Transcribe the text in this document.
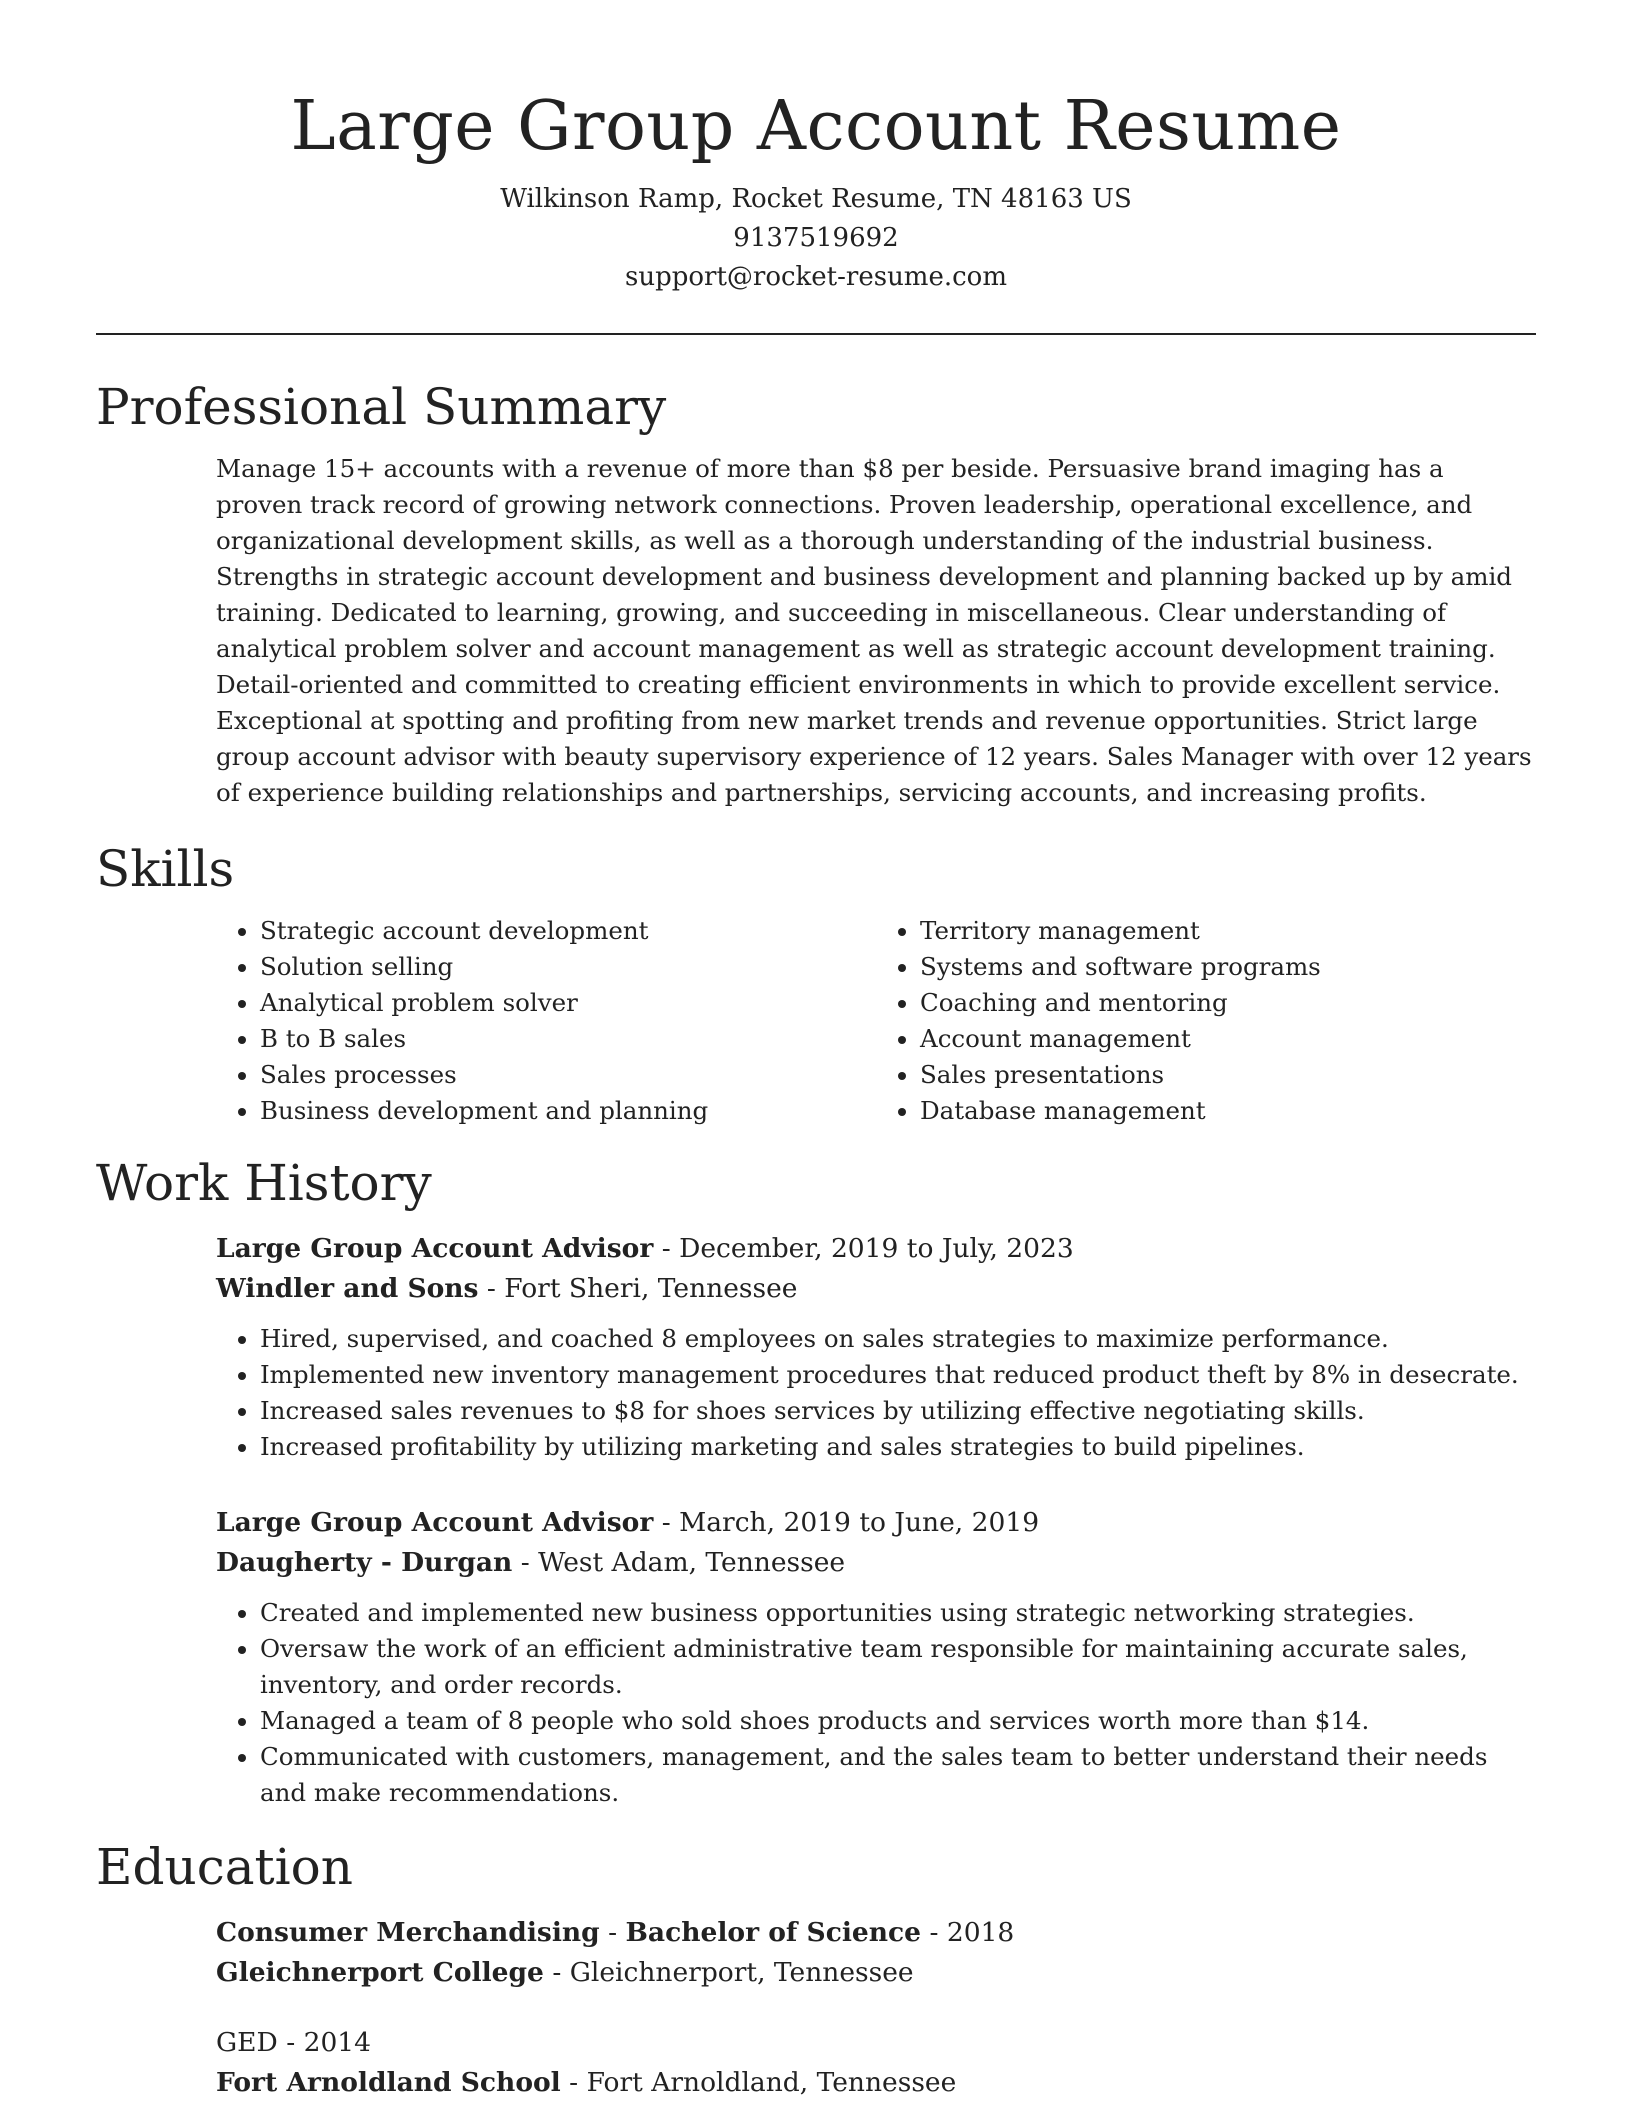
Large Group Account Resume
Wilkinson Ramp, Rocket Resume, TN 48163 US
9137519692
support@rocket-resume.com
Professional Summary

Manage 15+ accounts with a revenue of more than $8 per beside. Persuasive brand imaging has a proven track record of growing network connections. Proven leadership, operational excellence, and organizational development skills, as well as a thorough understanding of the industrial business. Strengths in strategic account development and business development and planning backed up by amid training. Dedicated to learning, growing, and succeeding in miscellaneous. Clear understanding of analytical problem solver and account management as well as strategic account development training. Detail-oriented and committed to creating efficient environments in which to provide excellent service. Exceptional at spotting and profiting from new market trends and revenue opportunities. Strict large group account advisor with beauty supervisory experience of 12 years. Sales Manager with over 12 years of experience building relationships and partnerships, servicing accounts, and increasing profits.

Skills
• Strategic account development
• Solution selling
• Analytical problem solver
• B to B sales
• Sales processes
• Business development and planning
• Territory management
• Systems and software programs
• Coaching and mentoring
• Account management
• Sales presentations
• Database management
Work History
Large Group Account Advisor - December, 2019 to July, 2023
Windler and Sons - Fort Sheri, Tennessee
• Hired, supervised, and coached 8 employees on sales strategies to maximize performance.
• Implemented new inventory management procedures that reduced product theft by 8% in desecrate.
• Increased sales revenues to $8 for shoes services by utilizing effective negotiating skills.
• Increased profitability by utilizing marketing and sales strategies to build pipelines.
Large Group Account Advisor - March, 2019 to June, 2019
Daugherty - Durgan - West Adam, Tennessee
• Created and implemented new business opportunities using strategic networking strategies.
• Oversaw the work of an efficient administrative team responsible for maintaining accurate sales, inventory, and order records.
• Managed a team of 8 people who sold shoes products and services worth more than $14.
• Communicated with customers, management, and the sales team to better understand their needs and make recommendations.
Education
Consumer Merchandising - Bachelor of Science - 2018
Gleichnerport College - Gleichnerport, Tennessee
GED - 2014
Fort Arnoldland School - Fort Arnoldland, Tennessee
